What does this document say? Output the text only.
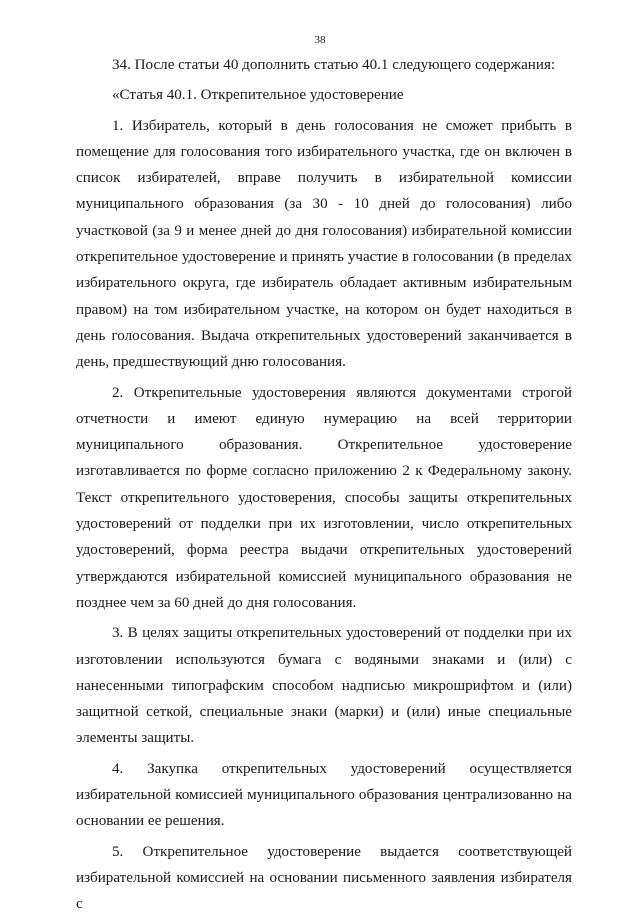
38

34. После статьи 40 дополнить статью 40.1 следующего содержания:

«Статья 40.1. Открепительное удостоверение

1. Избиратель, который в день голосования не сможет прибыть в помещение для голосования того избирательного участка, где он включен в список избирателей, вправе получить в избирательной комиссии муниципального образования (за 30 - 10 дней до голосования) либо участковой (за 9 и менее дней до дня голосования) избирательной комиссии открепительное удостоверение и принять участие в голосовании (в пределах избирательного округа, где избиратель обладает активным избирательным правом) на том избирательном участке, на котором он будет находиться в день голосования. Выдача открепительных удостоверений заканчивается в день, предшествующий дню голосования.

2. Открепительные удостоверения являются документами строгой отчетности и имеют единую нумерацию на всей территории муниципального образования. Открепительное удостоверение изготавливается по форме согласно приложению 2 к Федеральному закону. Текст открепительного удостоверения, способы защиты открепительных удостоверений от подделки при их изготовлении, число открепительных удостоверений, форма реестра выдачи открепительных удостоверений утверждаются избирательной комиссией муниципального образования не позднее чем за 60 дней до дня голосования.

3. В целях защиты открепительных удостоверений от подделки при их изготовлении используются бумага с водяными знаками и (или) с нанесенными типографским способом надписью микрошрифтом и (или) защитной сеткой, специальные знаки (марки) и (или) иные специальные элементы защиты.

4. Закупка открепительных удостоверений осуществляется избирательной комиссией муниципального образования централизованно на основании ее решения.

5. Открепительное удостоверение выдается соответствующей избирательной комиссией на основании письменного заявления избирателя с
